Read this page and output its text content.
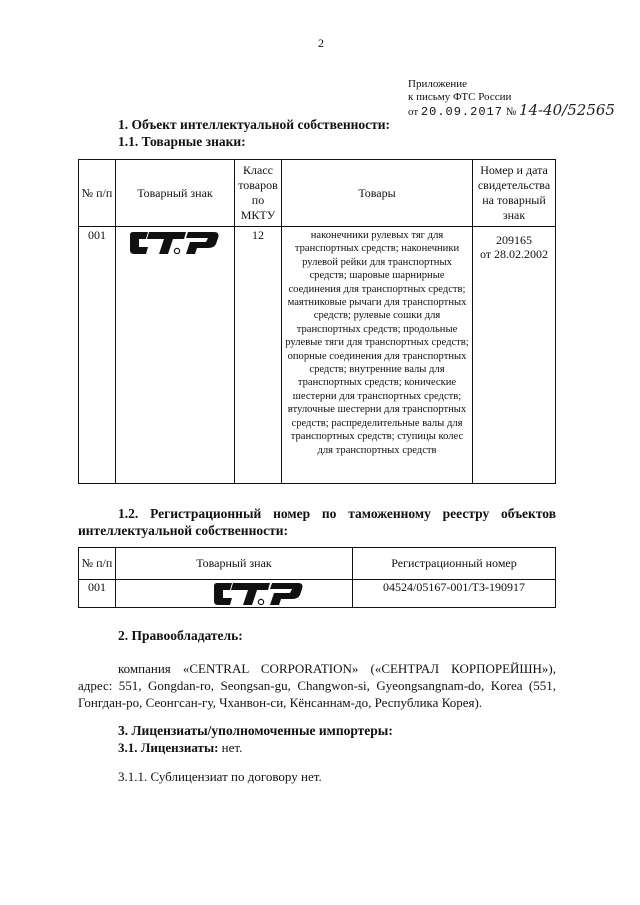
2
Приложение
к письму ФТС России
от 20.09.2017 № 14-40/52565
1. Объект интеллектуальной собственности:
1.1. Товарные знаки:
№ п/п	Товарный знак	Класс товаров по МКТУ	Товары	Номер и дата свидетельства на товарный знак
001		12	наконечники рулевых тяг для транспортных средств; наконечники рулевой рейки для транспортных средств; шаровые шарнирные соединения для транспортных средств; маятниковые рычаги для транспортных средств; рулевые сошки для транспортных средств; продольные рулевые тяги для транспортных средств; опорные соединения для транспортных средств; внутренние валы для транспортных средств; конические шестерни для транспортных средств; втулочные шестерни для транспортных средств; распределительные валы для транспортных средств; ступицы колес для транспортных средств	209165
от 28.02.2002
1.2. Регистрационный номер по таможенному реестру объектов интеллектуальной собственности:
№ п/п	Товарный знак	Регистрационный номер
001		04524/05167-001/ТЗ-190917
2. Правообладатель:
компания «CENTRAL CORPORATION» («СЕНТРАЛ КОРПОРЕЙШН»), адрес: 551, Gongdan-ro, Seongsan-gu, Changwon-si, Gyeongsangnam-do, Korea (551, Гонгдан-ро, Сеонгсан-гу, Чханвон-си, Кёнсаннам-до, Республика Корея).
3. Лицензиаты/уполномоченные импортеры:
3.1. Лицензиаты: нет.
3.1.1. Сублицензиат по договору нет.
